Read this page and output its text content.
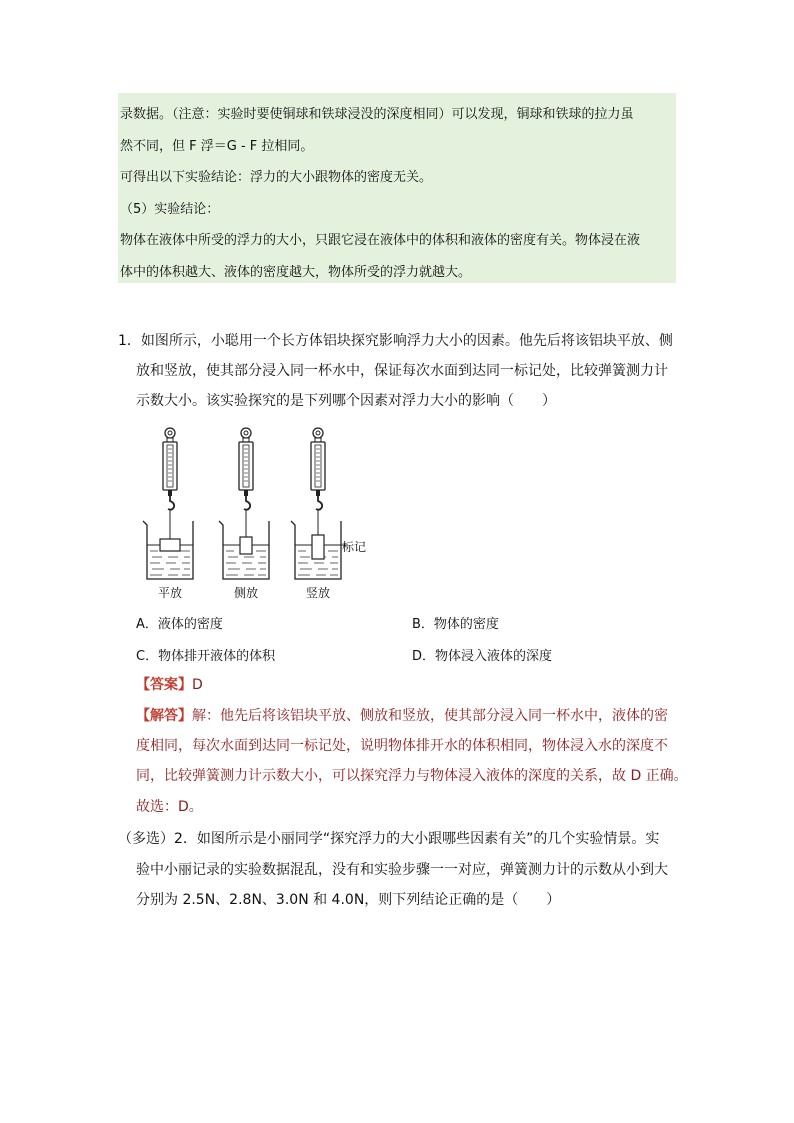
录数据。（注意：实验时要使铜球和铁球浸没的深度相同）可以发现，铜球和铁球的拉力虽

然不同，但 F 浮＝G - F 拉相同。

可得出以下实验结论：浮力的大小跟物体的密度无关。

（5）实验结论：

物体在液体中所受的浮力的大小，只跟它浸在液体中的体积和液体的密度有关。物体浸在液

体中的体积越大、液体的密度越大，物体所受的浮力就越大。

1．如图所示，小聪用一个长方体铝块探究影响浮力大小的因素。他先后将该铝块平放、侧
放和竖放，使其部分浸入同一杯水中，保证每次水面到达同一标记处，比较弹簧测力计
示数大小。该实验探究的是下列哪个因素对浮力大小的影响（　　）
标记
平放	侧放	竖放
A．液体的密度	B．物体的密度
C．物体排开液体的体积	D．物体浸入液体的深度
【答案】D
【解答】解：他先后将该铝块平放、侧放和竖放，使其部分浸入同一杯水中，液体的密
度相同，每次水面到达同一标记处，说明物体排开水的体积相同，物体浸入水的深度不
同，比较弹簧测力计示数大小，可以探究浮力与物体浸入液体的深度的关系，故 D 正确。
故选：D。
（多选）2．如图所示是小丽同学“探究浮力的大小跟哪些因素有关”的几个实验情景。实
验中小丽记录的实验数据混乱，没有和实验步骤一一对应，弹簧测力计的示数从小到大
分别为 2.5N、2.8N、3.0N 和 4.0N，则下列结论正确的是（　　）
